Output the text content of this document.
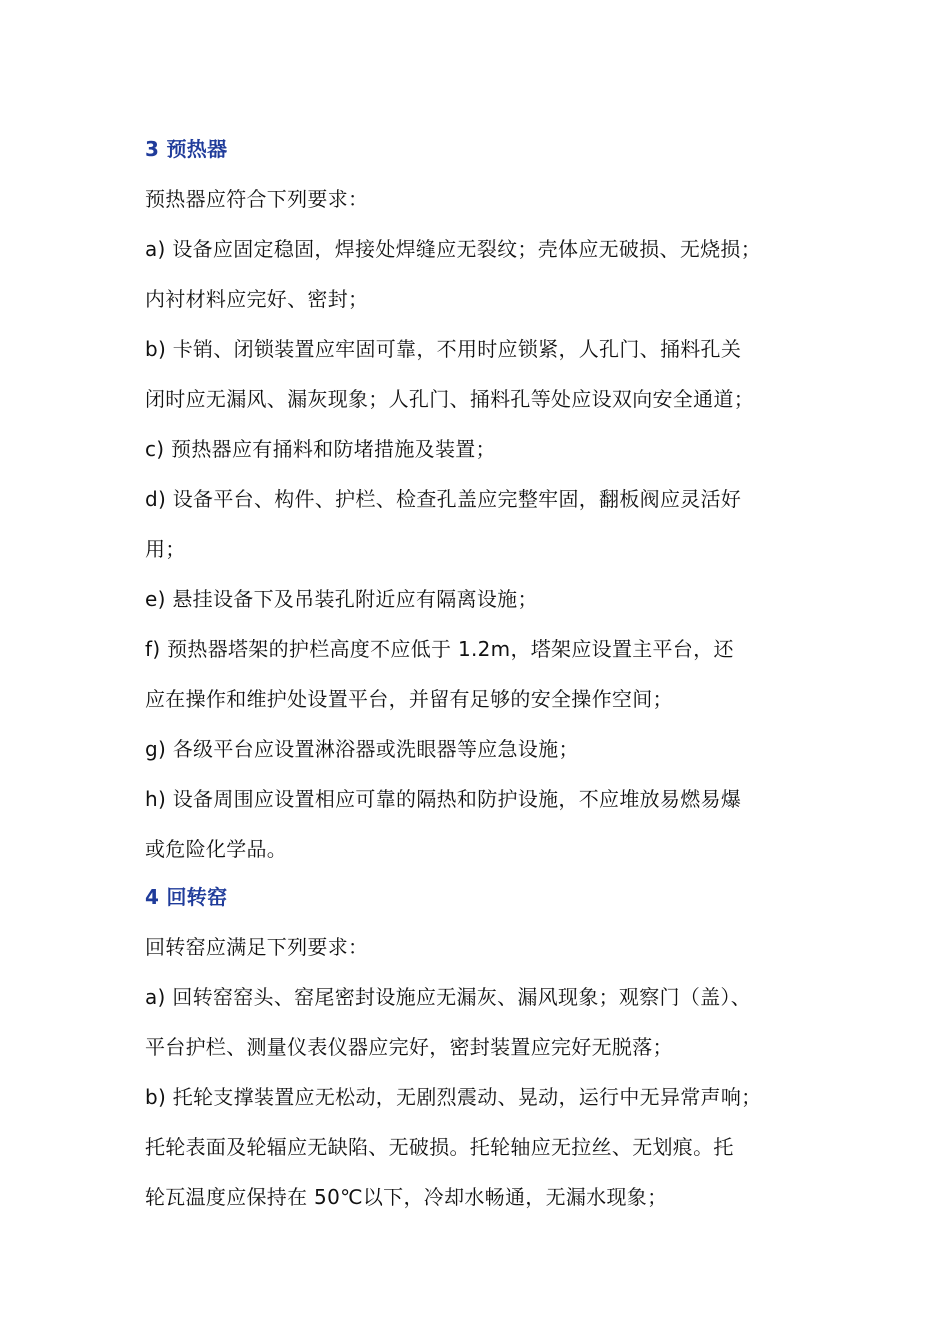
3 预热器
预热器应符合下列要求：
a) 设备应固定稳固，焊接处焊缝应无裂纹；壳体应无破损、无烧损；
内衬材料应完好、密封；
b) 卡销、闭锁装置应牢固可靠，不用时应锁紧，人孔门、捅料孔关
闭时应无漏风、漏灰现象；人孔门、捅料孔等处应设双向安全通道；
c) 预热器应有捅料和防堵措施及装置；
d) 设备平台、构件、护栏、检查孔盖应完整牢固，翻板阀应灵活好
用；
e) 悬挂设备下及吊装孔附近应有隔离设施；
f) 预热器塔架的护栏高度不应低于 1.2m，塔架应设置主平台，还
应在操作和维护处设置平台，并留有足够的安全操作空间；
g) 各级平台应设置淋浴器或洗眼器等应急设施；
h) 设备周围应设置相应可靠的隔热和防护设施，不应堆放易燃易爆
或危险化学品。
4 回转窑
回转窑应满足下列要求：
a) 回转窑窑头、窑尾密封设施应无漏灰、漏风现象；观察门（盖）、
平台护栏、测量仪表仪器应完好，密封装置应完好无脱落；
b) 托轮支撑装置应无松动，无剧烈震动、晃动，运行中无异常声响；
托轮表面及轮辐应无缺陷、无破损。托轮轴应无拉丝、无划痕。托
轮瓦温度应保持在 50℃以下，冷却水畅通，无漏水现象；
